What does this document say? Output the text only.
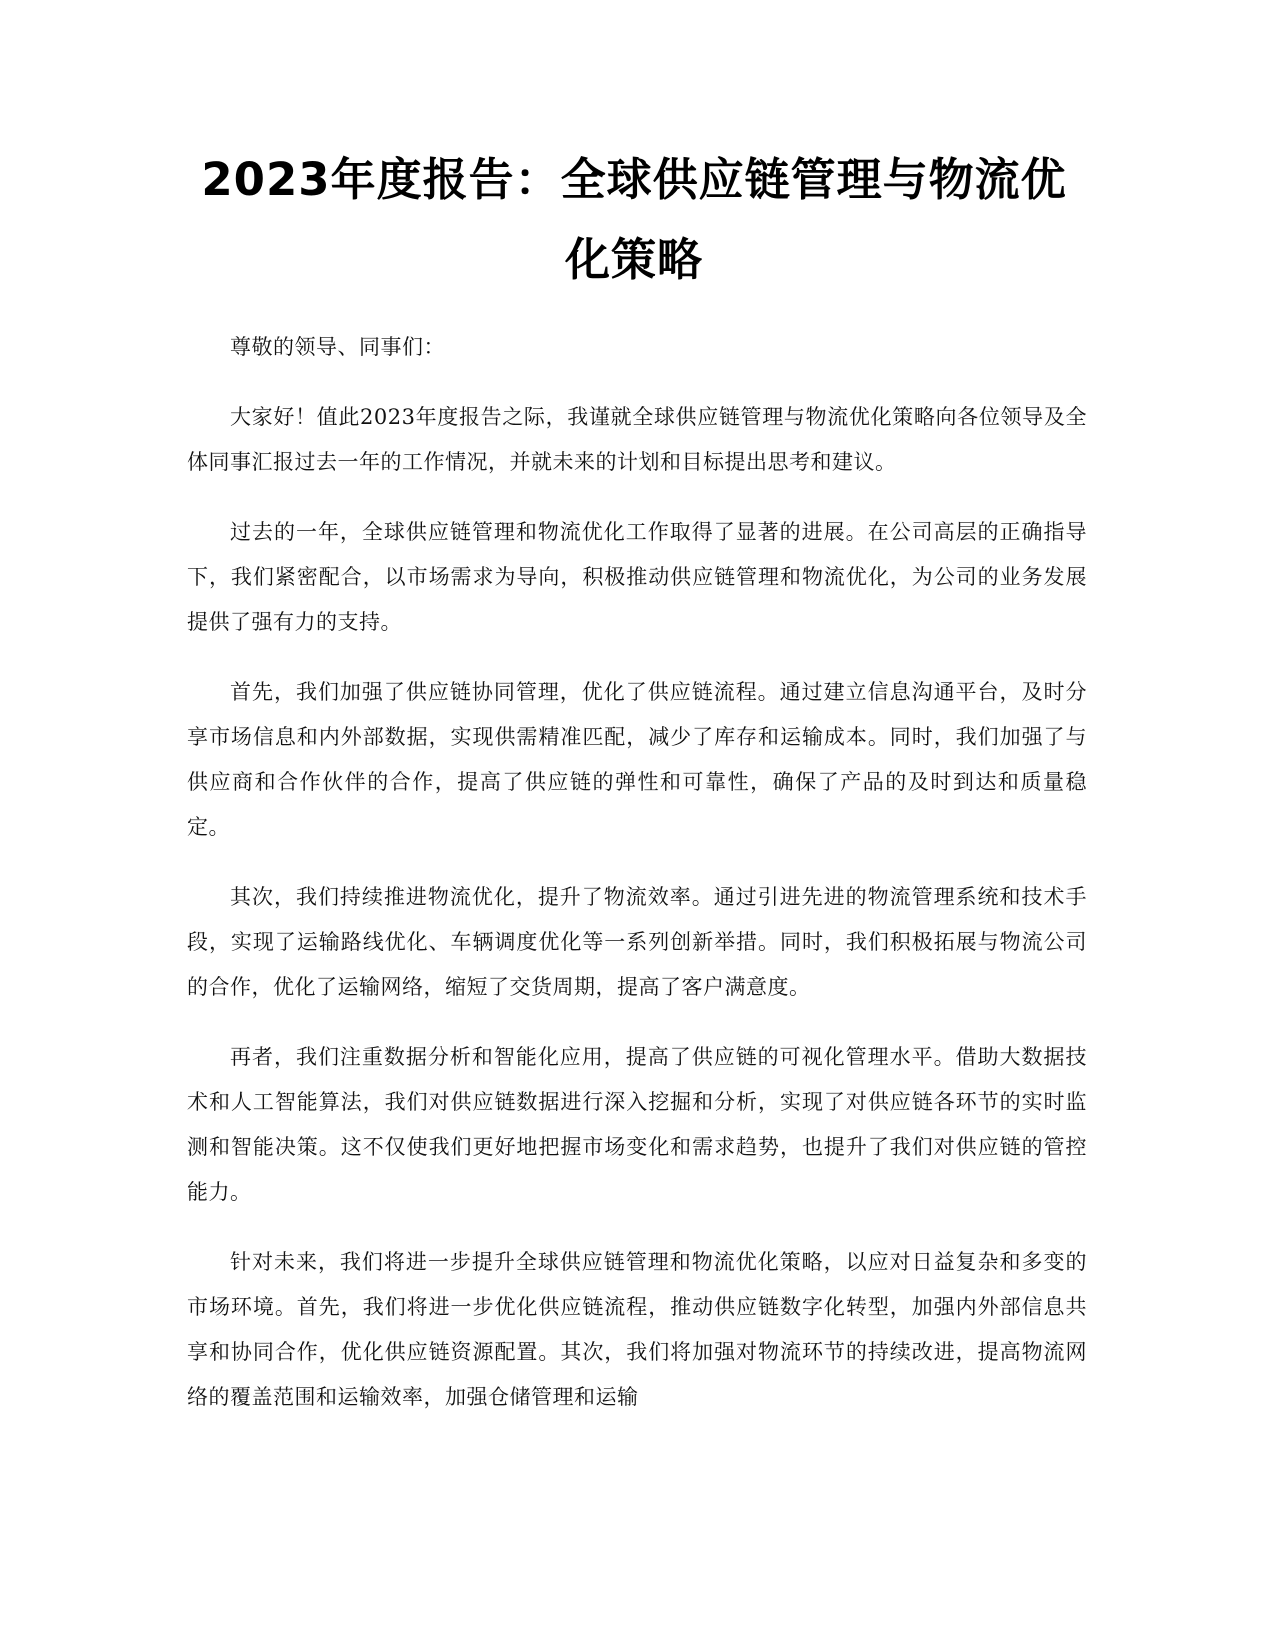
2023年度报告：全球供应链管理与物流优化策略

尊敬的领导、同事们：

大家好！值此2023年度报告之际，我谨就全球供应链管理与物流优化策略向各位领导及全体同事汇报过去一年的工作情况，并就未来的计划和目标提出思考和建议。

过去的一年，全球供应链管理和物流优化工作取得了显著的进展。在公司高层的正确指导下，我们紧密配合，以市场需求为导向，积极推动供应链管理和物流优化，为公司的业务发展提供了强有力的支持。

首先，我们加强了供应链协同管理，优化了供应链流程。通过建立信息沟通平台，及时分享市场信息和内外部数据，实现供需精准匹配，减少了库存和运输成本。同时，我们加强了与供应商和合作伙伴的合作，提高了供应链的弹性和可靠性，确保了产品的及时到达和质量稳定。

其次，我们持续推进物流优化，提升了物流效率。通过引进先进的物流管理系统和技术手段，实现了运输路线优化、车辆调度优化等一系列创新举措。同时，我们积极拓展与物流公司的合作，优化了运输网络，缩短了交货周期，提高了客户满意度。

再者，我们注重数据分析和智能化应用，提高了供应链的可视化管理水平。借助大数据技术和人工智能算法，我们对供应链数据进行深入挖掘和分析，实现了对供应链各环节的实时监测和智能决策。这不仅使我们更好地把握市场变化和需求趋势，也提升了我们对供应链的管控能力。

针对未来，我们将进一步提升全球供应链管理和物流优化策略，以应对日益复杂和多变的市场环境。首先，我们将进一步优化供应链流程，推动供应链数字化转型，加强内外部信息共享和协同合作，优化供应链资源配置。其次，我们将加强对物流环节的持续改进，提高物流网络的覆盖范围和运输效率，加强仓储管理和运输
